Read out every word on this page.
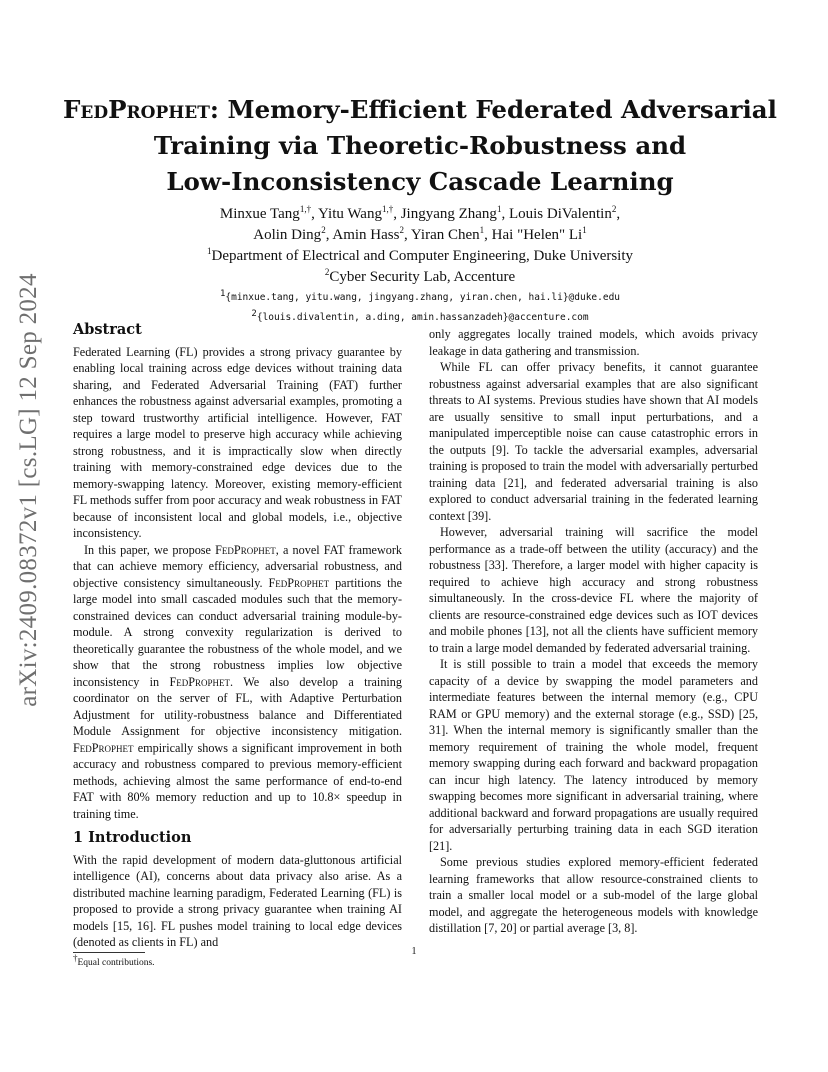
arXiv:2409.08372v1 [cs.LG] 12 Sep 2024
FedProphet: Memory-Efficient Federated Adversarial
Training via Theoretic-Robustness and
Low-Inconsistency Cascade Learning

Minxue Tang$^{1,\dagger}$, Yitu Wang$^{1,\dagger}$, Jingyang Zhang$^1$, Louis DiValentin$^2$,

Aolin Ding$^2$, Amin Hass$^2$, Yiran Chen$^1$, Hai "Helen" Li$^1$

$^1$Department of Electrical and Computer Engineering, Duke University

$^2$Cyber Security Lab, Accenture

$^1${minxue.tang, yitu.wang, jingyang.zhang, yiran.chen, hai.li}@duke.edu

$^2${louis.divalentin, a.ding, amin.hassanzadeh}@accenture.com

Abstract

Federated Learning (FL) provides a strong privacy guarantee by enabling local training across edge devices without training data sharing, and Federated Adversarial Training (FAT) further enhances the robustness against adversarial examples, promoting a step toward trustworthy artificial intelligence. However, FAT requires a large model to preserve high accuracy while achieving strong robustness, and it is impractically slow when directly training with memory-constrained edge devices due to the memory-swapping latency. Moreover, existing memory-efficient FL methods suffer from poor accuracy and weak robustness in FAT because of inconsistent local and global models, i.e., objective inconsistency.

In this paper, we propose FedProphet, a novel FAT framework that can achieve memory efficiency, adversarial robustness, and objective consistency simultaneously. FedProphet partitions the large model into small cascaded modules such that the memory-constrained devices can conduct adversarial training module-by-module. A strong convexity regularization is derived to theoretically guarantee the robustness of the whole model, and we show that the strong robustness implies low objective inconsistency in FedProphet. We also develop a training coordinator on the server of FL, with Adaptive Perturbation Adjustment for utility-robustness balance and Differentiated Module Assignment for objective inconsistency mitigation. FedProphet empirically shows a significant improvement in both accuracy and robustness compared to previous memory-efficient methods, achieving almost the same performance of end-to-end FAT with 80% memory reduction and up to 10.8× speedup in training time.

1 Introduction

With the rapid development of modern data-gluttonous artificial intelligence (AI), concerns about data privacy also arise. As a distributed machine learning paradigm, Federated Learning (FL) is proposed to provide a strong privacy guarantee when training AI models [15, 16]. FL pushes model training to local edge devices (denoted as clients in FL) and

only aggregates locally trained models, which avoids privacy leakage in data gathering and transmission.

While FL can offer privacy benefits, it cannot guarantee robustness against adversarial examples that are also significant threats to AI systems. Previous studies have shown that AI models are usually sensitive to small input perturbations, and a manipulated imperceptible noise can cause catastrophic errors in the outputs [9]. To tackle the adversarial examples, adversarial training is proposed to train the model with adversarially perturbed training data [21], and federated adversarial training is also explored to conduct adversarial training in the federated learning context [39].

However, adversarial training will sacrifice the model performance as a trade-off between the utility (accuracy) and the robustness [33]. Therefore, a larger model with higher capacity is required to achieve high accuracy and strong robustness simultaneously. In the cross-device FL where the majority of clients are resource-constrained edge devices such as IOT devices and mobile phones [13], not all the clients have sufficient memory to train a large model demanded by federated adversarial training.

It is still possible to train a model that exceeds the memory capacity of a device by swapping the model parameters and intermediate features between the internal memory (e.g., CPU RAM or GPU memory) and the external storage (e.g., SSD) [25, 31]. When the internal memory is significantly smaller than the memory requirement of training the whole model, frequent memory swapping during each forward and backward propagation can incur high latency. The latency introduced by memory swapping becomes more significant in adversarial training, where additional backward and forward propagations are usually required for adversarially perturbing training data in each SGD iteration [21].

Some previous studies explored memory-efficient federated learning frameworks that allow resource-constrained clients to train a smaller local model or a sub-model of the large global model, and aggregate the heterogeneous models with knowledge distillation [7, 20] or partial average [3, 8].

†Equal contributions.
1
